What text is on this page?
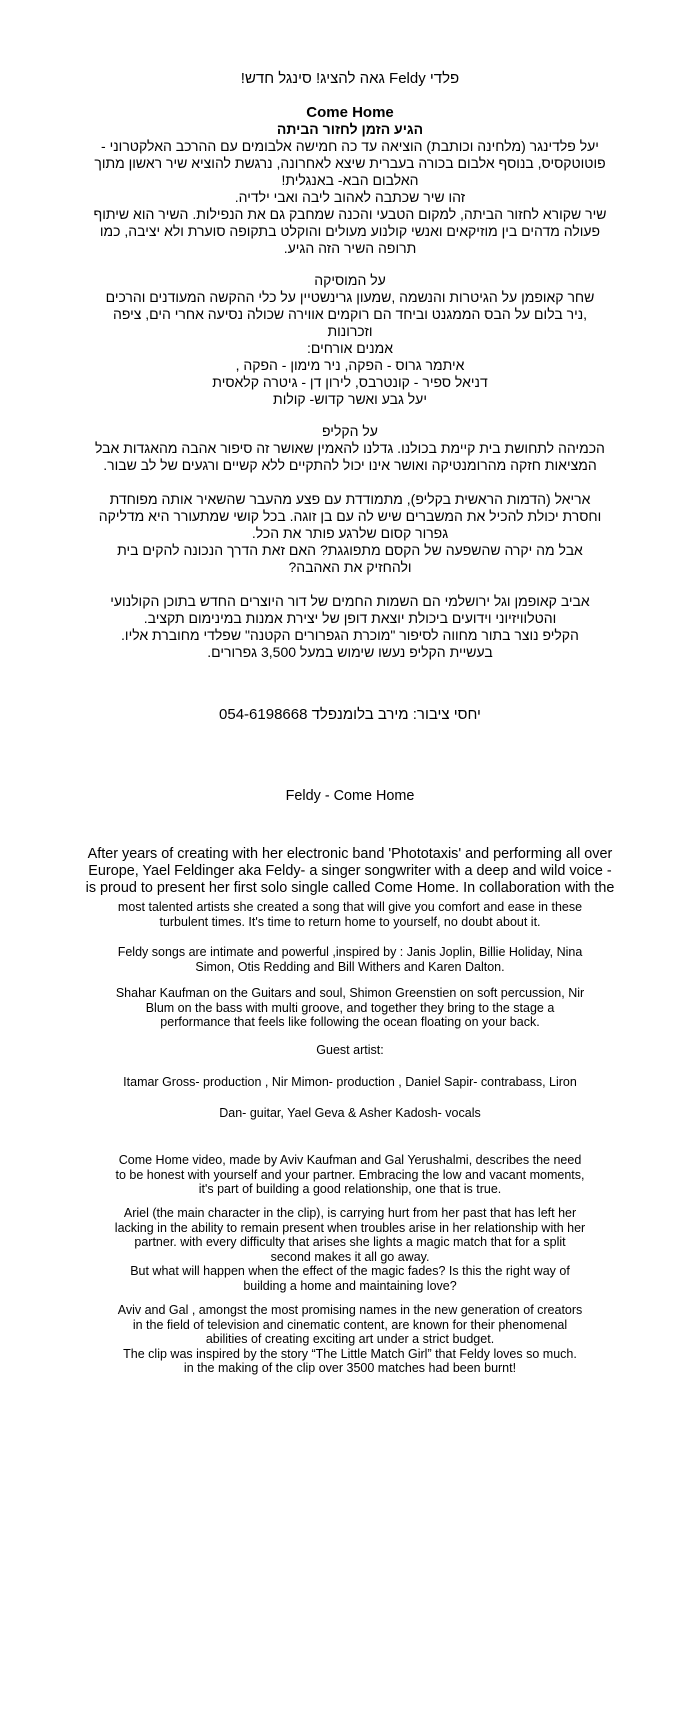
פלדי Feldy גאה להציג! סינגל חדש!
Come Home
הגיע הזמן לחזור הביתה
יעל פלדינגר (מלחינה וכותבת) הוציאה עד כה חמישה אלבומים עם ההרכב האלקטרוני -
פוטוטקסיס, בנוסף אלבום בכורה בעברית שיצא לאחרונה, נרגשת להוציא שיר ראשון מתוך
האלבום הבא- באנגלית!
זהו שיר שכתבה לאהוב ליבה ואבי ילדיה.
שיר שקורא לחזור הביתה, למקום הטבעי והכנה שמחבק גם את הנפילות. השיר הוא שיתוף
פעולה מדהים בין מוזיקאים ואנשי קולנוע מעולים והוקלט בתקופה סוערת ולא יציבה, כמו
תרופה השיר הזה הגיע.
על המוסיקה
שחר קאופמן על הגיטרות והנשמה ,שמעון גרינשטיין על כלי ההקשה המעודנים והרכים
,ניר בלום על הבס הממגנט וביחד הם רוקמים אווירה שכולה נסיעה אחרי הים, ציפה
וזכרונות
אמנים אורחים:
איתמר גרוס - הפקה, ניר מימון - הפקה ,
דניאל ספיר - קונטרבס, לירון דן - גיטרה קלאסית
יעל גבע ואשר קדוש- קולות
על הקליפ
הכמיהה לתחושת בית קיימת בכולנו. גדלנו להאמין שאושר זה סיפור אהבה מהאגדות אבל
המציאות חזקה מהרומנטיקה ואושר אינו יכול להתקיים ללא קשיים ורגעים של לב שבור.
אריאל (הדמות הראשית בקליפ), מתמודדת עם פצע מהעבר שהשאיר אותה מפוחדת
וחסרת יכולת להכיל את המשברים שיש לה עם בן זוגה. בכל קושי שמתעורר היא מדליקה
גפרור קסום שלרגע פותר את הכל.
אבל מה יקרה שהשפעה של הקסם מתפוגגת? האם זאת הדרך הנכונה להקים בית
ולהחזיק את האהבה?
אביב קאופמן וגל ירושלמי הם השמות החמים של דור היוצרים החדש בתוכן הקולנועי
והטלוויזיוני וידועים ביכולת יוצאת דופן של יצירת אמנות במינימום תקציב.
הקליפ נוצר בתור מחווה לסיפור "מוכרת הגפרורים הקטנה" שפלדי מחוברת אליו.
בעשיית הקליפ נעשו שימוש במעל 3,500 גפרורים.
יחסי ציבור: מירב בלומנפלד 054-6198668
Feldy - Come Home
After years of creating with her electronic band 'Phototaxis' and performing all over
Europe, Yael Feldinger aka Feldy- a singer songwriter with a deep and wild voice -
is proud to present her first solo single called Come Home. In collaboration with the
most talented artists she created a song that will give you comfort and ease in these
turbulent times. It's time to return home to yourself, no doubt about it.
Feldy songs are intimate and powerful ,inspired by : Janis Joplin, Billie Holiday, Nina
Simon, Otis Redding and Bill Withers and Karen Dalton.
Shahar Kaufman on the Guitars and soul, Shimon Greenstien on soft percussion, Nir
Blum on the bass with multi groove, and together they bring to the stage a
performance that feels like following the ocean floating on your back.
Guest artist:
Itamar Gross- production , Nir Mimon- production , Daniel Sapir- contrabass, Liron
Dan- guitar, Yael Geva & Asher Kadosh- vocals
Come Home video, made by Aviv Kaufman and Gal Yerushalmi, describes the need
to be honest with yourself and your partner. Embracing the low and vacant moments,
it's part of building a good relationship, one that is true.
Ariel (the main character in the clip), is carrying hurt from her past that has left her
lacking in the ability to remain present when troubles arise in her relationship with her
partner. with every difficulty that arises she lights a magic match that for a split
second makes it all go away.
But what will happen when the effect of the magic fades? Is this the right way of
building a home and maintaining love?
Aviv and Gal , amongst the most promising names in the new generation of creators
in the field of television and cinematic content, are known for their phenomenal
abilities of creating exciting art under a strict budget.
The clip was inspired by the story “The Little Match Girl” that Feldy loves so much.
in the making of the clip over 3500 matches had been burnt!
